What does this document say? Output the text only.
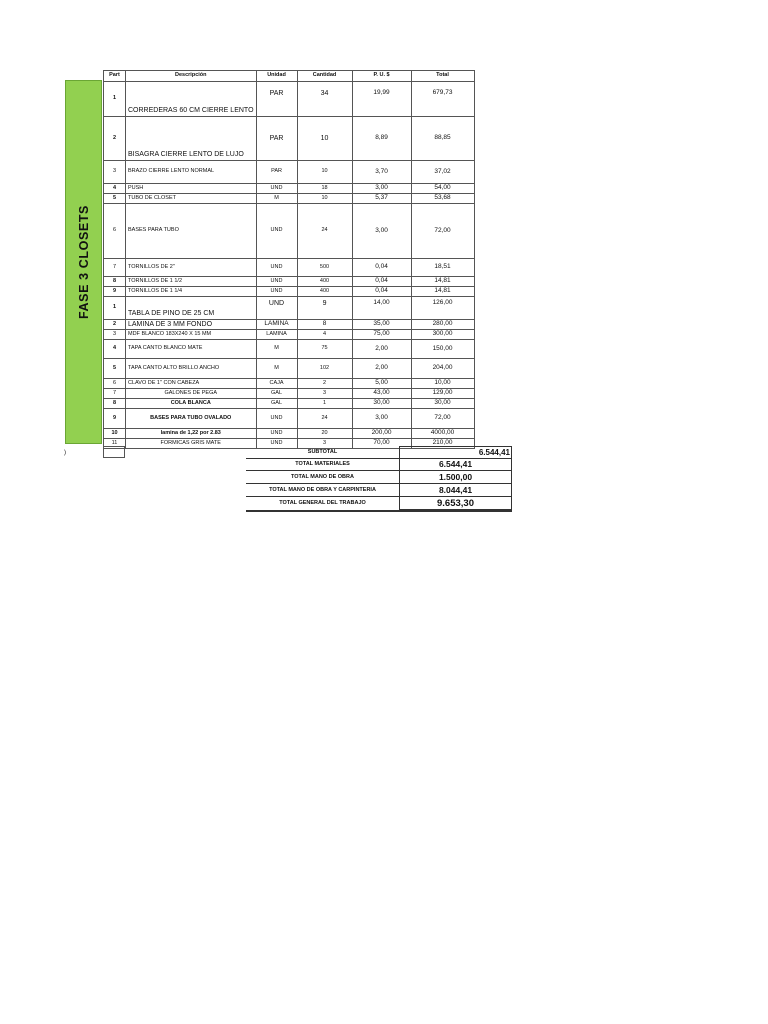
FASE 3 CLOSETS
Part	Descripción	Unidad	Cantidad	P. U. $	Total
1	CORREDERAS 60 CM CIERRE LENTO	PAR	34	19,99	679,73
2	BISAGRA CIERRE LENTO DE LUJO	PAR	10	8,89	88,85
3	BRAZO CIERRE LENTO NORMAL	PAR	10	3,70	37,02
4	PUSH	UND	18	3,00	54,00
5	TUBO DE CLOSET	M	10	5,37	53,68
6	BASES PARA TUBO	UND	24	3,00	72,00
7	TORNILLOS DE 2"	UND	500	0,04	18,51
8	TORNILLOS DE 1 1/2	UND	400	0,04	14,81
9	TORNILLOS DE 1 1/4	UND	400	0,04	14,81
1	TABLA DE PINO DE 25 CM	UND	9	14,00	126,00
2	LAMINA DE 3 MM FONDO	LAMINA	8	35,00	280,00
3	MDF BLANCO 183X240 X 15 MM	LAMINA	4	75,00	300,00
4	TAPA CANTO BLANCO MATE	M	75	2,00	150,00
5	TAPA CANTO ALTO BRILLO ANCHO	M	102	2,00	204,00
6	CLAVO DE 1" CON CABEZA	CAJA	2	5,00	10,00
7	GALONES DE PEGA	GAL	3	43,00	129,00
8	COLA BLANCA	GAL	1	30,00	30,00
9	BASES PARA TUBO OVALADO	UND	24	3,00	72,00
10	lamina de 1,22 por 2.83	UND	20	200,00	4000,00
11	FORMICAS GRIS MATE	UND	3	70,00	210,00
)	SUBTOTAL	6.544,41
TOTAL MATERIALES	6.544,41
TOTAL MANO DE OBRA	1.500,00
TOTAL MANO DE OBRA Y CARPINTERIA	8.044,41
TOTAL GENERAL DEL TRABAJO	9.653,30
